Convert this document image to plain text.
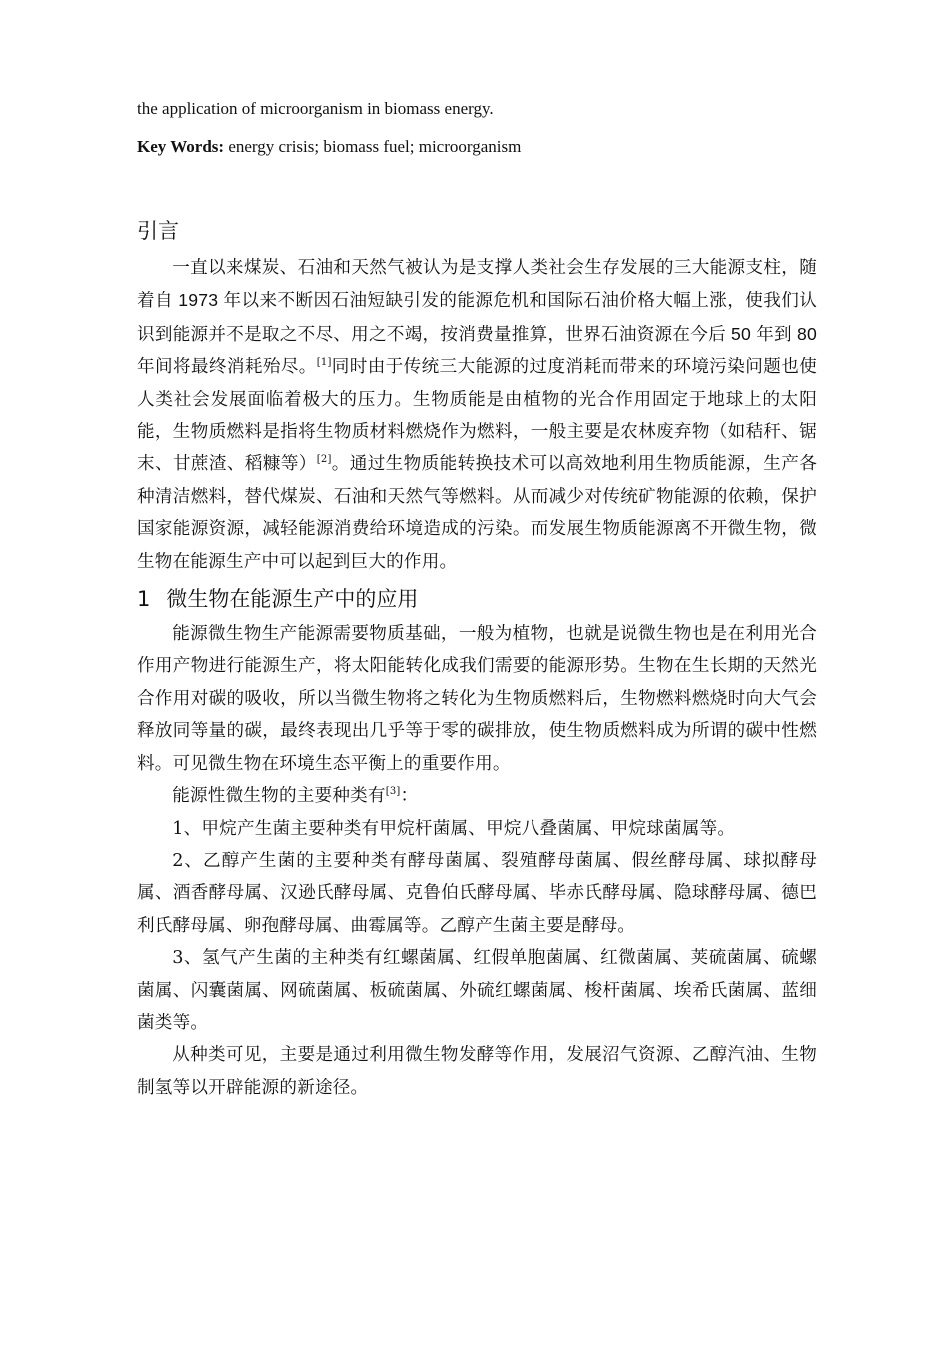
the application of microorganism in biomass energy.

Key Words: energy crisis; biomass fuel; microorganism

引言

一直以来煤炭、石油和天然气被认为是支撑人类社会生存发展的三大能源支柱，随着自 1973 年以来不断因石油短缺引发的能源危机和国际石油价格大幅上涨，使我们认识到能源并不是取之不尽、用之不竭，按消费量推算，世界石油资源在今后 50 年到 80 年间将最终消耗殆尽。[1]同时由于传统三大能源的过度消耗而带来的环境污染问题也使人类社会发展面临着极大的压力。生物质能是由植物的光合作用固定于地球上的太阳能，生物质燃料是指将生物质材料燃烧作为燃料，一般主要是农林废弃物（如秸秆、锯末、甘蔗渣、稻糠等）[2]。通过生物质能转换技术可以高效地利用生物质能源，生产各种清洁燃料，替代煤炭、石油和天然气等燃料。从而减少对传统矿物能源的依赖，保护国家能源资源，减轻能源消费给环境造成的污染。而发展生物质能源离不开微生物，微生物在能源生产中可以起到巨大的作用。

1 微生物在能源生产中的应用

能源微生物生产能源需要物质基础，一般为植物，也就是说微生物也是在利用光合作用产物进行能源生产，将太阳能转化成我们需要的能源形势。生物在生长期的天然光合作用对碳的吸收，所以当微生物将之转化为生物质燃料后，生物燃料燃烧时向大气会释放同等量的碳，最终表现出几乎等于零的碳排放，使生物质燃料成为所谓的碳中性燃料。可见微生物在环境生态平衡上的重要作用。

能源性微生物的主要种类有[3]：

1、甲烷产生菌主要种类有甲烷杆菌属、甲烷八叠菌属、甲烷球菌属等。

2、乙醇产生菌的主要种类有酵母菌属、裂殖酵母菌属、假丝酵母属、球拟酵母属、酒香酵母属、汉逊氏酵母属、克鲁伯氏酵母属、毕赤氏酵母属、隐球酵母属、德巴利氏酵母属、卵孢酵母属、曲霉属等。乙醇产生菌主要是酵母。

3、氢气产生菌的主种类有红螺菌属、红假单胞菌属、红微菌属、荚硫菌属、硫螺菌属、闪囊菌属、网硫菌属、板硫菌属、外硫红螺菌属、梭杆菌属、埃希氏菌属、蓝细菌类等。

从种类可见，主要是通过利用微生物发酵等作用，发展沼气资源、乙醇汽油、生物制氢等以开辟能源的新途径。
